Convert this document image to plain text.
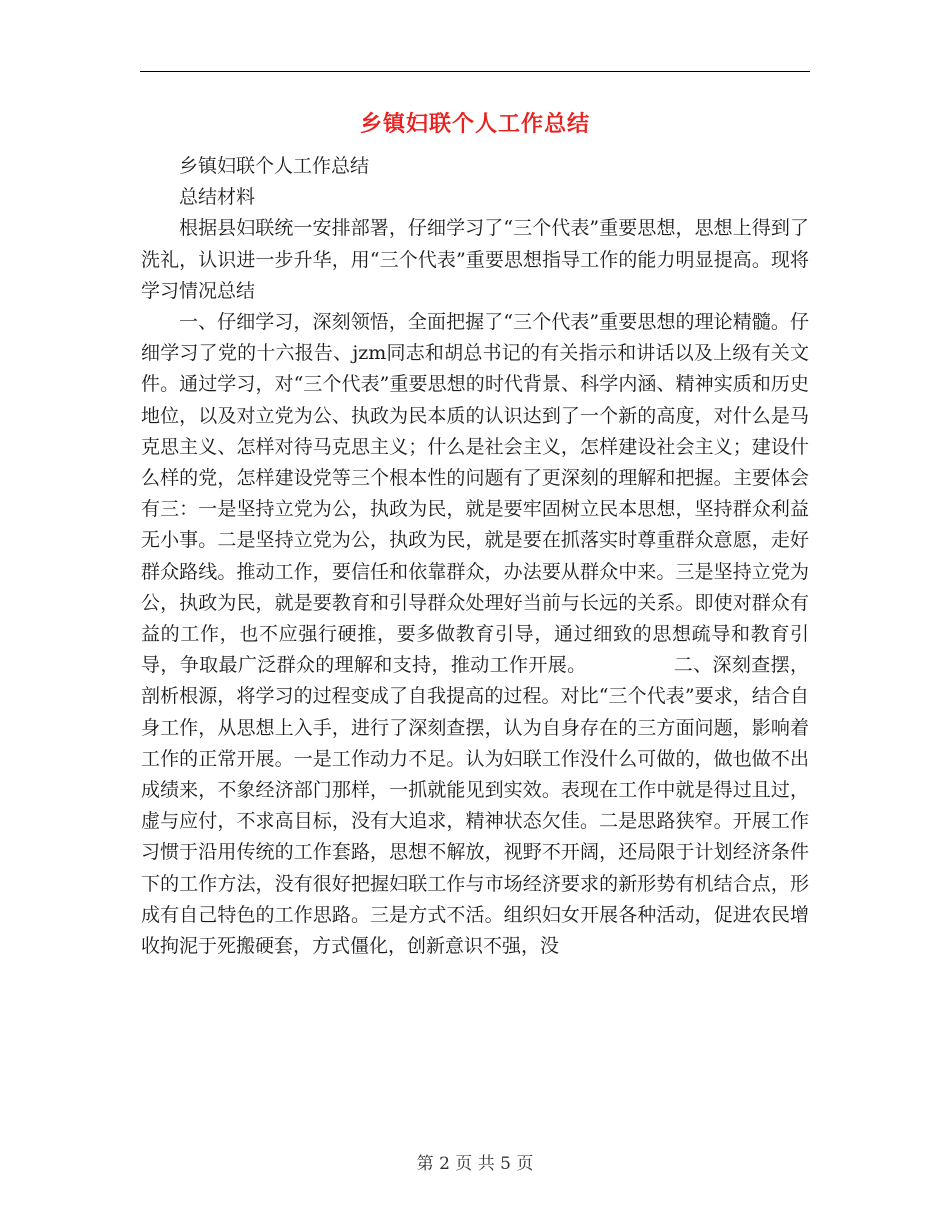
乡镇妇联个人工作总结

乡镇妇联个人工作总结

总结材料

根据县妇联统一安排部署，仔细学习了“三个代表”重要思想，思想上得到了洗礼，认识进一步升华，用“三个代表”重要思想指导工作的能力明显提高。现将学习情况总结

一、仔细学习，深刻领悟，全面把握了“三个代表”重要思想的理论精髓。仔细学习了党的十六报告、jzm同志和胡总书记的有关指示和讲话以及上级有关文件。通过学习，对“三个代表”重要思想的时代背景、科学内涵、精神实质和历史地位，以及对立党为公、执政为民本质的认识达到了一个新的高度，对什么是马克思主义、怎样对待马克思主义；什么是社会主义，怎样建设社会主义；建设什么样的党，怎样建设党等三个根本性的问题有了更深刻的理解和把握。主要体会有三：一是坚持立党为公，执政为民，就是要牢固树立民本思想，坚持群众利益无小事。二是坚持立党为公，执政为民，就是要在抓落实时尊重群众意愿，走好群众路线。推动工作，要信任和依靠群众，办法要从群众中来。三是坚持立党为公，执政为民，就是要教育和引导群众处理好当前与长远的关系。即使对群众有益的工作，也不应强行硬推，要多做教育引导，通过细致的思想疏导和教育引导，争取最广泛群众的理解和支持，推动工作开展。　　　　　二、深刻查摆，剖析根源，将学习的过程变成了自我提高的过程。对比“三个代表”要求，结合自身工作，从思想上入手，进行了深刻查摆，认为自身存在的三方面问题，影响着工作的正常开展。一是工作动力不足。认为妇联工作没什么可做的，做也做不出成绩来，不象经济部门那样，一抓就能见到实效。表现在工作中就是得过且过，虚与应付，不求高目标，没有大追求，精神状态欠佳。二是思路狭窄。开展工作习惯于沿用传统的工作套路，思想不解放，视野不开阔，还局限于计划经济条件下的工作方法，没有很好把握妇联工作与市场经济要求的新形势有机结合点，形成有自己特色的工作思路。三是方式不活。组织妇女开展各种活动，促进农民增收拘泥于死搬硬套，方式僵化，创新意识不强，没

第 2 页 共 5 页
